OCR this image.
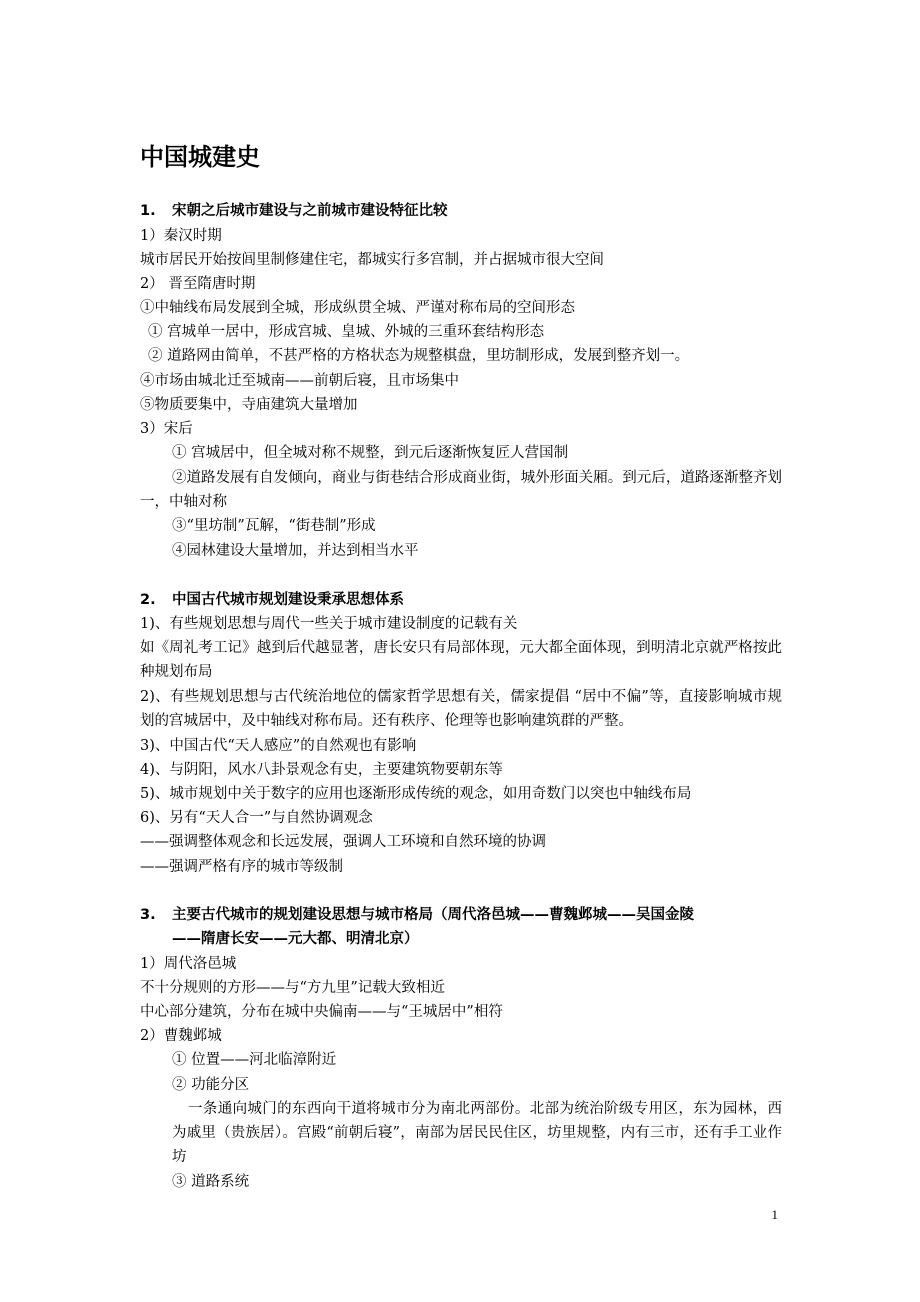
中国城建史
1. 宋朝之后城市建设与之前城市建设特征比较
1）秦汉时期
城市居民开始按闾里制修建住宅，都城实行多宫制，并占据城市很大空间
2） 晋至隋唐时期
①中轴线布局发展到全城，形成纵贯全城、严谨对称布局的空间形态
① 宫城单一居中，形成宫城、皇城、外城的三重环套结构形态
② 道路网由简单，不甚严格的方格状态为规整棋盘，里坊制形成，发展到整齐划一。
④市场由城北迁至城南——前朝后寝，且市场集中
⑤物质要集中，寺庙建筑大量增加
3）宋后
① 宫城居中，但全城对称不规整，到元后逐渐恢复匠人营国制
②道路发展有自发倾向，商业与街巷结合形成商业街，城外形面关厢。到元后，道路逐渐整齐划一，中轴对称
③“里坊制”瓦解，“街巷制”形成
④园林建设大量增加，并达到相当水平
2. 中国古代城市规划建设秉承思想体系
1)、有些规划思想与周代一些关于城市建设制度的记载有关
如《周礼考工记》越到后代越显著，唐长安只有局部体现，元大都全面体现，到明清北京就严格按此种规划布局
2)、有些规划思想与古代统治地位的儒家哲学思想有关，儒家提倡 “居中不偏”等，直接影响城市规划的宫城居中，及中轴线对称布局。还有秩序、伦理等也影响建筑群的严整。
3)、中国古代“天人感应”的自然观也有影响
4)、与阴阳，风水八卦景观念有史，主要建筑物要朝东等
5)、城市规划中关于数字的应用也逐渐形成传统的观念，如用奇数门以突也中轴线布局
6)、另有“天人合一”与自然协调观念
——强调整体观念和长远发展，强调人工环境和自然环境的协调
——强调严格有序的城市等级制
3. 主要古代城市的规划建设思想与城市格局（周代洛邑城——曹魏邺城——吴国金陵
——隋唐长安——元大都、明清北京）
1）周代洛邑城
不十分规则的方形——与“方九里”记载大致相近
中心部分建筑，分布在城中央偏南——与“王城居中”相符
2）曹魏邺城
① 位置——河北临漳附近
② 功能分区
一条通向城门的东西向干道将城市分为南北两部份。北部为统治阶级专用区，东为园林，西为戚里（贵族居）。宫殿“前朝后寝”，南部为居民民住区，坊里规整，内有三市，还有手工业作坊
③ 道路系统
1
